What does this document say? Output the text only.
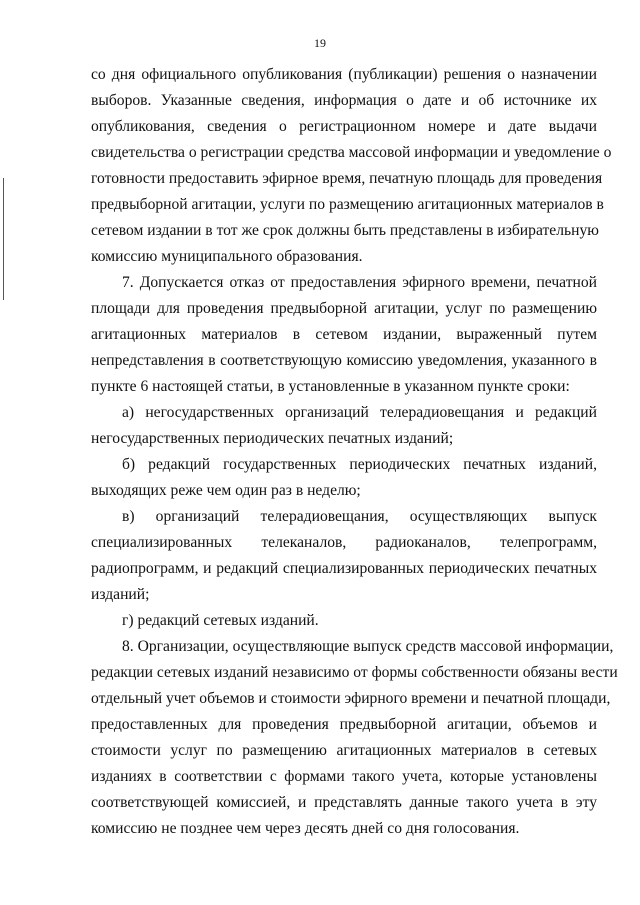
19
со дня официального опубликования (публикации) решения о назначении
выборов. Указанные сведения, информация о дате и об источнике их
опубликования, сведения о регистрационном номере и дате выдачи
свидетельства о регистрации средства массовой информации и уведомление о
готовности предоставить эфирное время, печатную площадь для проведения
предвыборной агитации, услуги по размещению агитационных материалов в
сетевом издании в тот же срок должны быть представлены в избирательную
комиссию муниципального образования.
7. Допускается отказ от предоставления эфирного времени, печатной
площади для проведения предвыборной агитации, услуг по размещению
агитационных материалов в сетевом издании, выраженный путем
непредставления в соответствующую комиссию уведомления, указанного в
пункте 6 настоящей статьи, в установленные в указанном пункте сроки:
а) негосударственных организаций телерадиовещания и редакций
негосударственных периодических печатных изданий;
б) редакций государственных периодических печатных изданий,
выходящих реже чем один раз в неделю;
в) организаций телерадиовещания, осуществляющих выпуск
специализированных телеканалов, радиоканалов, телепрограмм,
радиопрограмм, и редакций специализированных периодических печатных
изданий;
г) редакций сетевых изданий.
8. Организации, осуществляющие выпуск средств массовой информации,
редакции сетевых изданий независимо от формы собственности обязаны вести
отдельный учет объемов и стоимости эфирного времени и печатной площади,
предоставленных для проведения предвыборной агитации, объемов и
стоимости услуг по размещению агитационных материалов в сетевых
изданиях в соответствии с формами такого учета, которые установлены
соответствующей комиссией, и представлять данные такого учета в эту
комиссию не позднее чем через десять дней со дня голосования.
